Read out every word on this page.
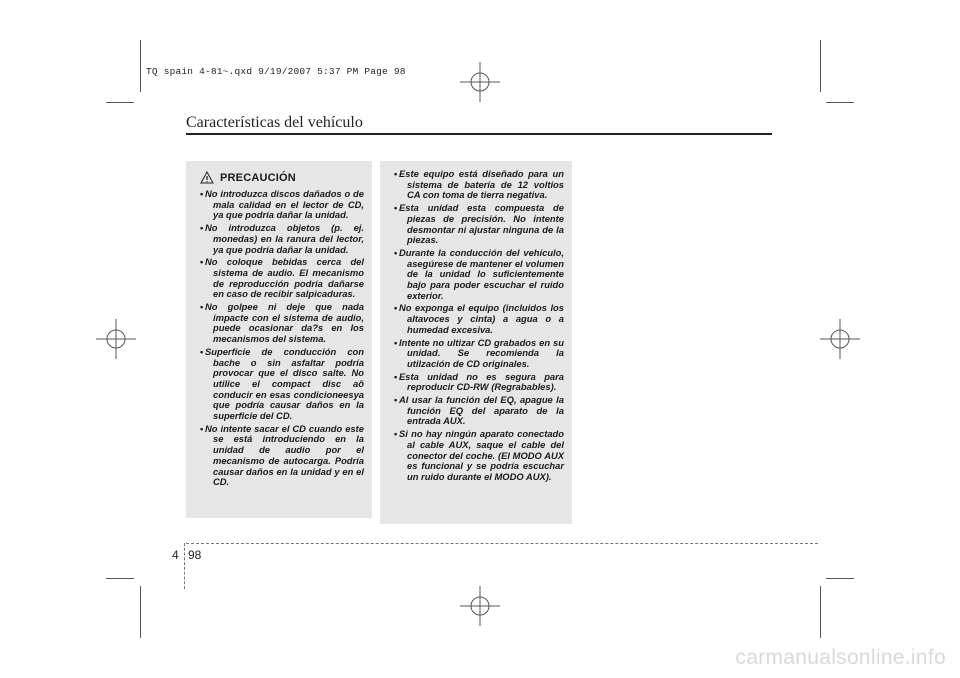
TQ spain 4-81~.qxd 9/19/2007 5:37 PM Page 98
Características del vehículo
PRECAUCIÓN
• No introduzca discos dañados o de mala calidad en el lector de CD, ya que podría dañar la unidad.
• No introduzca objetos (p. ej. monedas) en la ranura del lector, ya que podría dañar la unidad.
• No coloque bebidas cerca del sistema de audio. El mecanismo de reproducción podría dañarse en caso de recibir salpicaduras.
• No golpee ni deje que nada impacte con el sistema de audio, puede ocasionar da?s en los mecanismos del sistema.
• Superficie de conducción con bache o sin asfaltar podría provocar que el disco salte. No utilice el compact disc aõ conducir en esas condicioneesya que podría causar daños en la superficie del CD.
• No intente sacar el CD cuando este se está introduciendo en la unidad de audio por el mecanismo de autocarga. Podría causar daños en la unidad y en el CD.
• Este equipo está diseñado para un sistema de batería de 12 voltios CA con toma de tierra negativa.
• Esta unidad esta compuesta de piezas de precisión. No intente desmontar ni ajustar ninguna de la piezas.
• Durante la conducción del vehículo, asegúrese de mantener el volumen de la unidad lo suficientemente bajo para poder escuchar el ruido exterior.
• No exponga el equipo (incluidos los altavoces y cinta) a agua o a humedad excesiva.
• Intente no ultizar CD grabados en su unidad. Se recomienda la utilzación de CD originales.
• Esta unidad no es segura para reproducir CD-RW (Regrabables).
• Al usar la función del EQ, apague la función EQ del aparato de la entrada AUX.
• Si no hay ningún aparato conectado al cable AUX, saque el cable del conector del coche. (El MODO AUX es funcional y se podría escuchar un ruido durante el MODO AUX).
4 98
carmanualsonline.info
